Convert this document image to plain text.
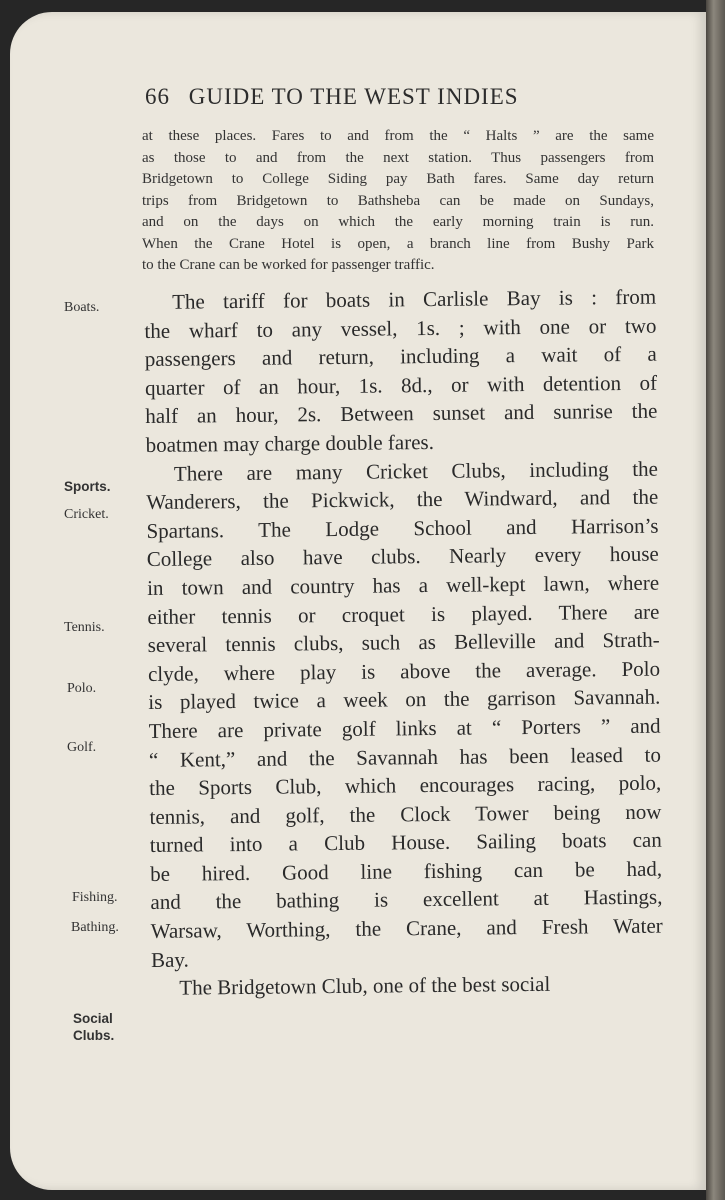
66 GUIDE TO THE WEST INDIES
at these places. Fares to and from the “ Halts ” are the same
as those to and from the next station. Thus passengers from
Bridgetown to College Siding pay Bath fares. Same day return
trips from Bridgetown to Bathsheba can be made on Sundays,
and on the days on which the early morning train is run.
When the Crane Hotel is open, a branch line from Bushy Park
to the Crane can be worked for passenger traffic.
The tariff for boats in Carlisle Bay is : from
the wharf to any vessel, 1s. ; with one or two
passengers and return, including a wait of a
quarter of an hour, 1s. 8d., or with detention of
half an hour, 2s. Between sunset and sunrise the
boatmen may charge double fares.
There are many Cricket Clubs, including the
Wanderers, the Pickwick, the Windward, and the
Spartans. The Lodge School and Harrison’s
College also have clubs. Nearly every house
in town and country has a well-kept lawn, where
either tennis or croquet is played. There are
several tennis clubs, such as Belleville and Strath-
clyde, where play is above the average. Polo
is played twice a week on the garrison Savannah.
There are private golf links at “ Porters ” and
“ Kent,” and the Savannah has been leased to
the Sports Club, which encourages racing, polo,
tennis, and golf, the Clock Tower being now
turned into a Club House. Sailing boats can
be hired. Good line fishing can be had,
and the bathing is excellent at Hastings,
Warsaw, Worthing, the Crane, and Fresh Water
Bay.
The Bridgetown Club, one of the best social
Boats.
Sports.
Cricket.
Tennis.
Polo.
Golf.
Fishing.
Bathing.
Social
Clubs.
